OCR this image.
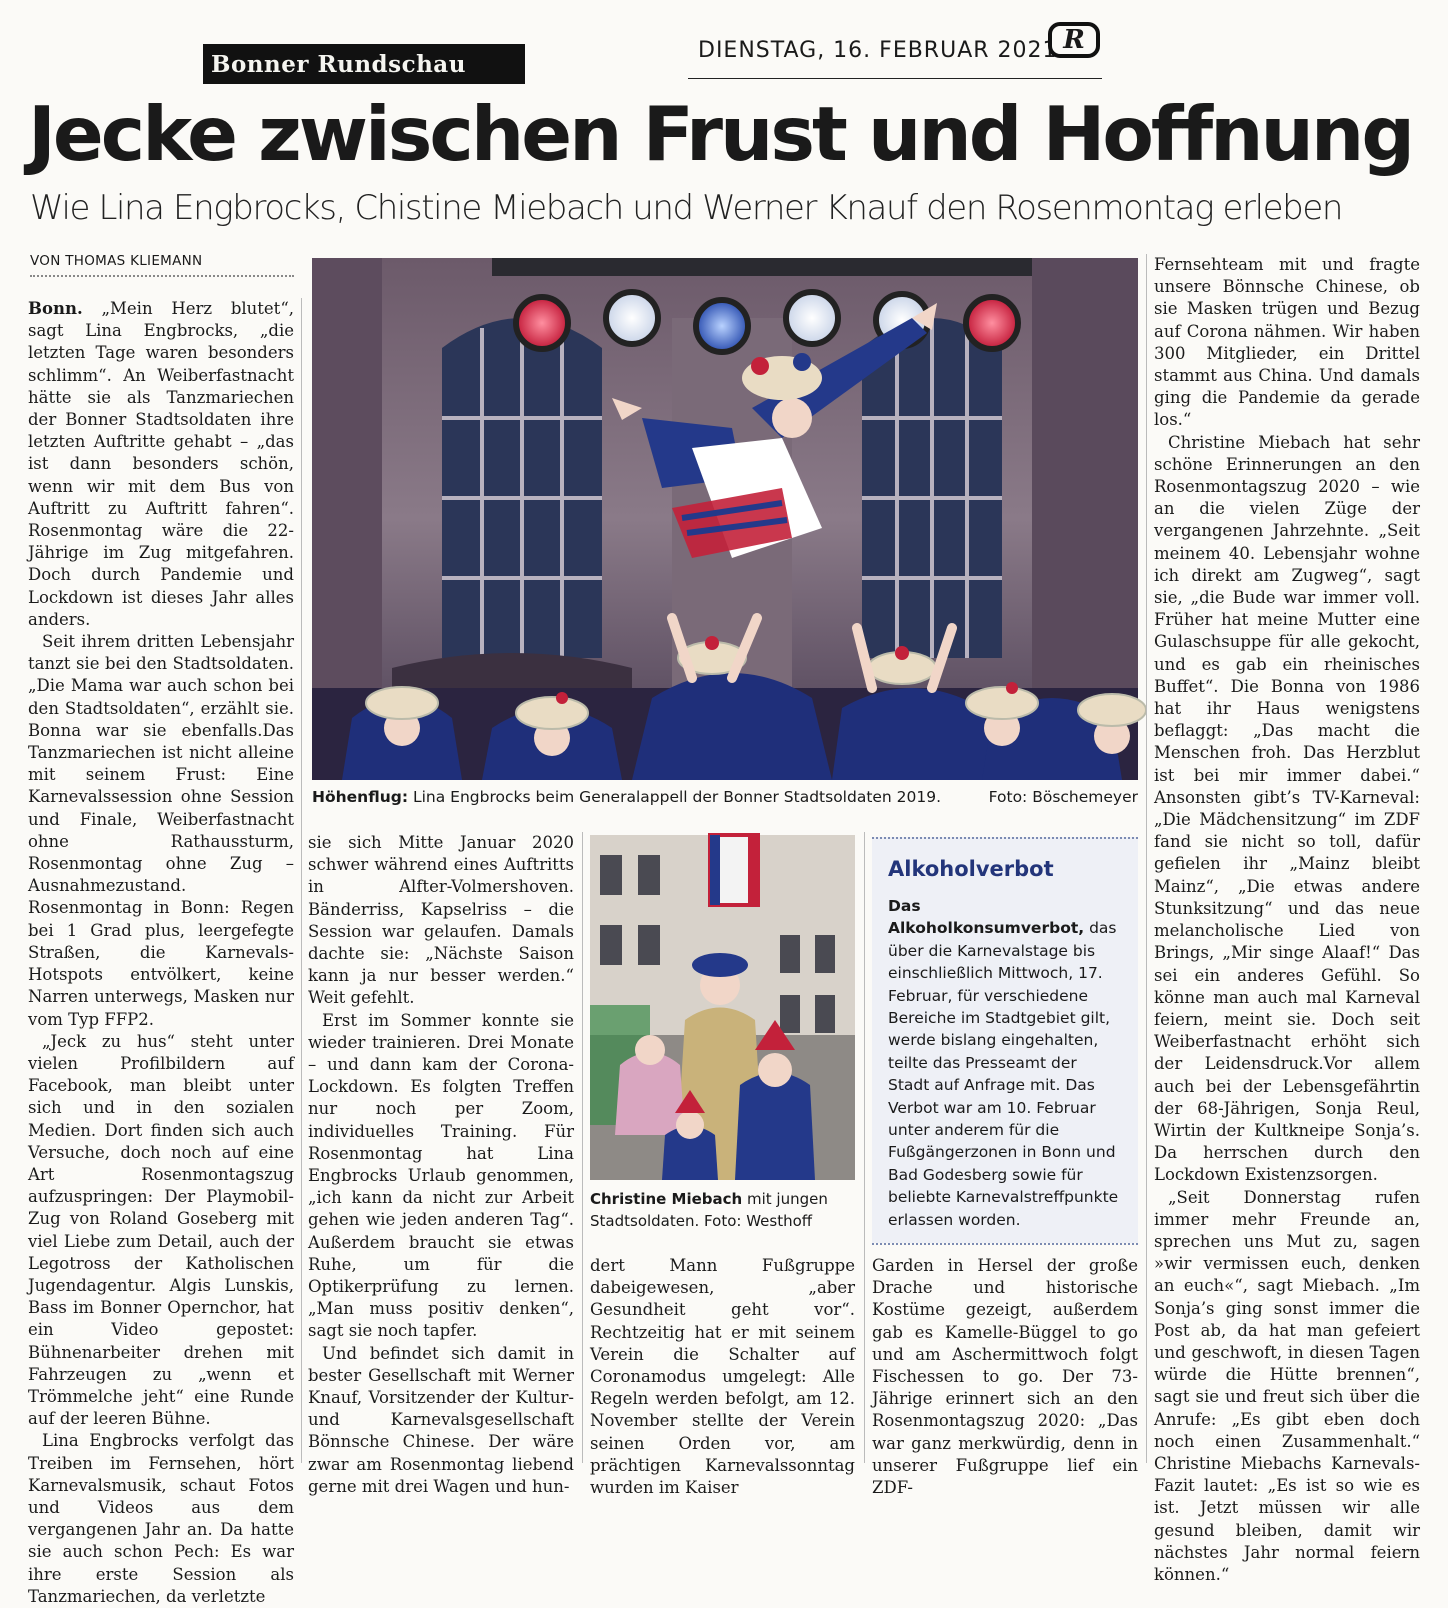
Bonner Rundschau	DIENSTAG, 16. FEBRUAR 2021 R
Jecke zwischen Frust und Hoffnung
Wie Lina Engbrocks, Chistine Miebach und Werner Knauf den Rosenmontag erleben
VON THOMAS KLIEMANN

Bonn. „Mein Herz blutet“, sagt Lina Engbrocks, „die letzten Tage waren besonders schlimm“. An Weiberfastnacht hätte sie als Tanzmariechen der Bonner Stadtsoldaten ihre letzten Auftritte gehabt – „das ist dann besonders schön, wenn wir mit dem Bus von Auftritt zu Auftritt fahren“. Rosenmontag wäre die 22-Jährige im Zug mitgefahren. Doch durch Pandemie und Lockdown ist dieses Jahr alles anders.

Seit ihrem dritten Lebensjahr tanzt sie bei den Stadtsoldaten. „Die Mama war auch schon bei den Stadtsoldaten“, erzählt sie. Bonna war sie ebenfalls.Das Tanzmariechen ist nicht alleine mit seinem Frust: Eine Karnevalssession ohne Session und Finale, Weiberfastnacht ohne Rathaussturm, Rosenmontag ohne Zug – Ausnahmezustand. Rosenmontag in Bonn: Regen bei 1 Grad plus, leergefegte Straßen, die Karnevals-Hotspots entvölkert, keine Narren unterwegs, Masken nur vom Typ FFP2.

„Jeck zu hus“ steht unter vielen Profilbildern auf Facebook, man bleibt unter sich und in den sozialen Medien. Dort finden sich auch Versuche, doch noch auf eine Art Rosenmontagszug aufzuspringen: Der Playmobil-Zug von Roland Goseberg mit viel Liebe zum Detail, auch der Legotross der Katholischen Jugendagentur. Algis Lunskis, Bass im Bonner Opernchor, hat ein Video gepostet: Bühnenarbeiter drehen mit Fahrzeugen zu „wenn et Trömmelche jeht“ eine Runde auf der leeren Bühne.

Lina Engbrocks verfolgt das Treiben im Fernsehen, hört Karnevalsmusik, schaut Fotos und Videos aus dem vergangenen Jahr an. Da hatte sie auch schon Pech: Es war ihre erste Session als Tanzmariechen, da verletzte

Höhenflug: Lina Engbrocks beim Generalappell der Bonner Stadtsoldaten 2019.	Foto: Böschemeyer

sie sich Mitte Januar 2020 schwer während eines Auftritts in Alfter-Volmershoven. Bänderriss, Kapselriss – die Session war gelaufen. Damals dachte sie: „Nächste Saison kann ja nur besser werden.“ Weit gefehlt.

Erst im Sommer konnte sie wieder trainieren. Drei Monate – und dann kam der Corona-Lockdown. Es folgten Treffen nur noch per Zoom, individuelles Training. Für Rosenmontag hat Lina Engbrocks Urlaub genommen, „ich kann da nicht zur Arbeit gehen wie jeden anderen Tag“. Außerdem braucht sie etwas Ruhe, um für die Optikerprüfung zu lernen. „Man muss positiv denken“, sagt sie noch tapfer.

Und befindet sich damit in bester Gesellschaft mit Werner Knauf, Vorsitzender der Kultur- und Karnevalsgesellschaft Bönnsche Chinese. Der wäre zwar am Rosenmontag liebend gerne mit drei Wagen und hun-

Christine Miebach mit jungen Stadtsoldaten. Foto: Westhoff

dert Mann Fußgruppe dabeigewesen, „aber Gesundheit geht vor“. Rechtzeitig hat er mit seinem Verein die Schalter auf Coronamodus umgelegt: Alle Regeln werden befolgt, am 12. November stellte der Verein seinen Orden vor, am prächtigen Karnevalssonntag wurden im Kaiser

Alkoholverbot

Das Alkoholkonsumverbot, das über die Karnevalstage bis einschließlich Mittwoch, 17. Februar, für verschiedene Bereiche im Stadtgebiet gilt, werde bislang eingehalten, teilte das Presseamt der Stadt auf Anfrage mit. Das Verbot war am 10. Februar unter anderem für die Fußgängerzonen in Bonn und Bad Godesberg sowie für beliebte Karnevalstreffpunkte erlassen worden.

Garden in Hersel der große Drache und historische Kostüme gezeigt, außerdem gab es Kamelle-Büggel to go und am Aschermittwoch folgt Fischessen to go. Der 73-Jährige erinnert sich an den Rosenmontagszug 2020: „Das war ganz merkwürdig, denn in unserer Fußgruppe lief ein ZDF-

Fernsehteam mit und fragte unsere Bönnsche Chinese, ob sie Masken trügen und Bezug auf Corona nähmen. Wir haben 300 Mitglieder, ein Drittel stammt aus China. Und damals ging die Pandemie da gerade los.“

Christine Miebach hat sehr schöne Erinnerungen an den Rosenmontagszug 2020 – wie an die vielen Züge der vergangenen Jahrzehnte. „Seit meinem 40. Lebensjahr wohne ich direkt am Zugweg“, sagt sie, „die Bude war immer voll. Früher hat meine Mutter eine Gulaschsuppe für alle gekocht, und es gab ein rheinisches Buffet“. Die Bonna von 1986 hat ihr Haus wenigstens beflaggt: „Das macht die Menschen froh. Das Herzblut ist bei mir immer dabei.“ Ansonsten gibt’s TV-Karneval: „Die Mädchensitzung“ im ZDF fand sie nicht so toll, dafür gefielen ihr „Mainz bleibt Mainz“, „Die etwas andere Stunksitzung“ und das neue melancholische Lied von Brings, „Mir singe Alaaf!“ Das sei ein anderes Gefühl. So könne man auch mal Karneval feiern, meint sie. Doch seit Weiberfastnacht erhöht sich der Leidensdruck.Vor allem auch bei der Lebensgefährtin der 68-Jährigen, Sonja Reul, Wirtin der Kultkneipe Sonja’s. Da herrschen durch den Lockdown Existenzsorgen.

„Seit Donnerstag rufen immer mehr Freunde an, sprechen uns Mut zu, sagen »wir vermissen euch, denken an euch«“, sagt Miebach. „Im Sonja’s ging sonst immer die Post ab, da hat man gefeiert und geschwoft, in diesen Tagen würde die Hütte brennen“, sagt sie und freut sich über die Anrufe: „Es gibt eben doch noch einen Zusammenhalt.“ Christine Miebachs Karnevals-Fazit lautet: „Es ist so wie es ist. Jetzt müssen wir alle gesund bleiben, damit wir nächstes Jahr normal feiern können.“
